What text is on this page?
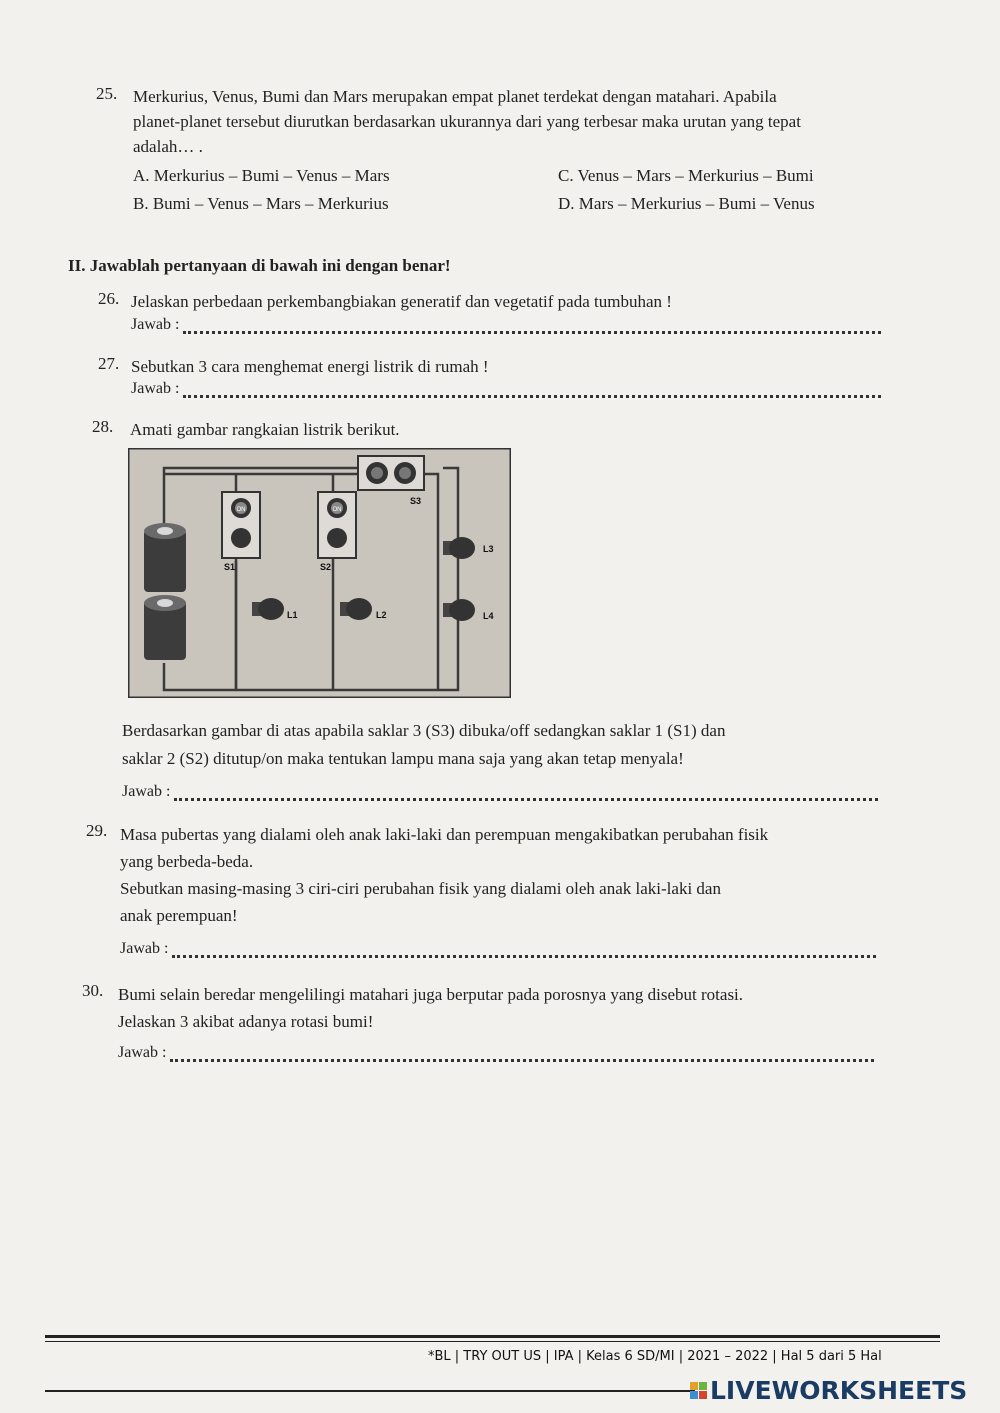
25. Merkurius, Venus, Bumi dan Mars merupakan empat planet terdekat dengan matahari. Apabila
planet-planet tersebut diurutkan berdasarkan ukurannya dari yang terbesar maka urutan yang tepat
adalah… .
A. Merkurius – Bumi – Venus – Mars
B. Bumi – Venus – Mars – Merkurius
C. Venus – Mars – Merkurius – Bumi
D. Mars – Merkurius – Bumi – Venus
II. Jawablah pertanyaan di bawah ini dengan benar!
26. Jelaskan perbedaan perkembangbiakan generatif dan vegetatif pada tumbuhan !
Jawab :
27. Sebutkan 3 cara menghemat energi listrik di rumah !
Jawab :
28. Amati gambar rangkaian listrik berikut.
ON	ON
S1	S2
S3
L1	L2
L3
L4
Berdasarkan gambar di atas apabila saklar 3 (S3) dibuka/off sedangkan saklar 1 (S1) dan
saklar 2 (S2) ditutup/on maka tentukan lampu mana saja yang akan tetap menyala!
Jawab :
29. Masa pubertas yang dialami oleh anak laki-laki dan perempuan mengakibatkan perubahan fisik
yang berbeda-beda.
Sebutkan masing-masing 3 ciri-ciri perubahan fisik yang dialami oleh anak laki-laki dan
anak perempuan!
Jawab :
30. Bumi selain beredar mengelilingi matahari juga berputar pada porosnya yang disebut rotasi.
Jelaskan 3 akibat adanya rotasi bumi!
Jawab :
*BL | TRY OUT US | IPA | Kelas 6 SD/MI | 2021 – 2022 | Hal 5 dari 5 Hal
LIVEWORKSHEETS
